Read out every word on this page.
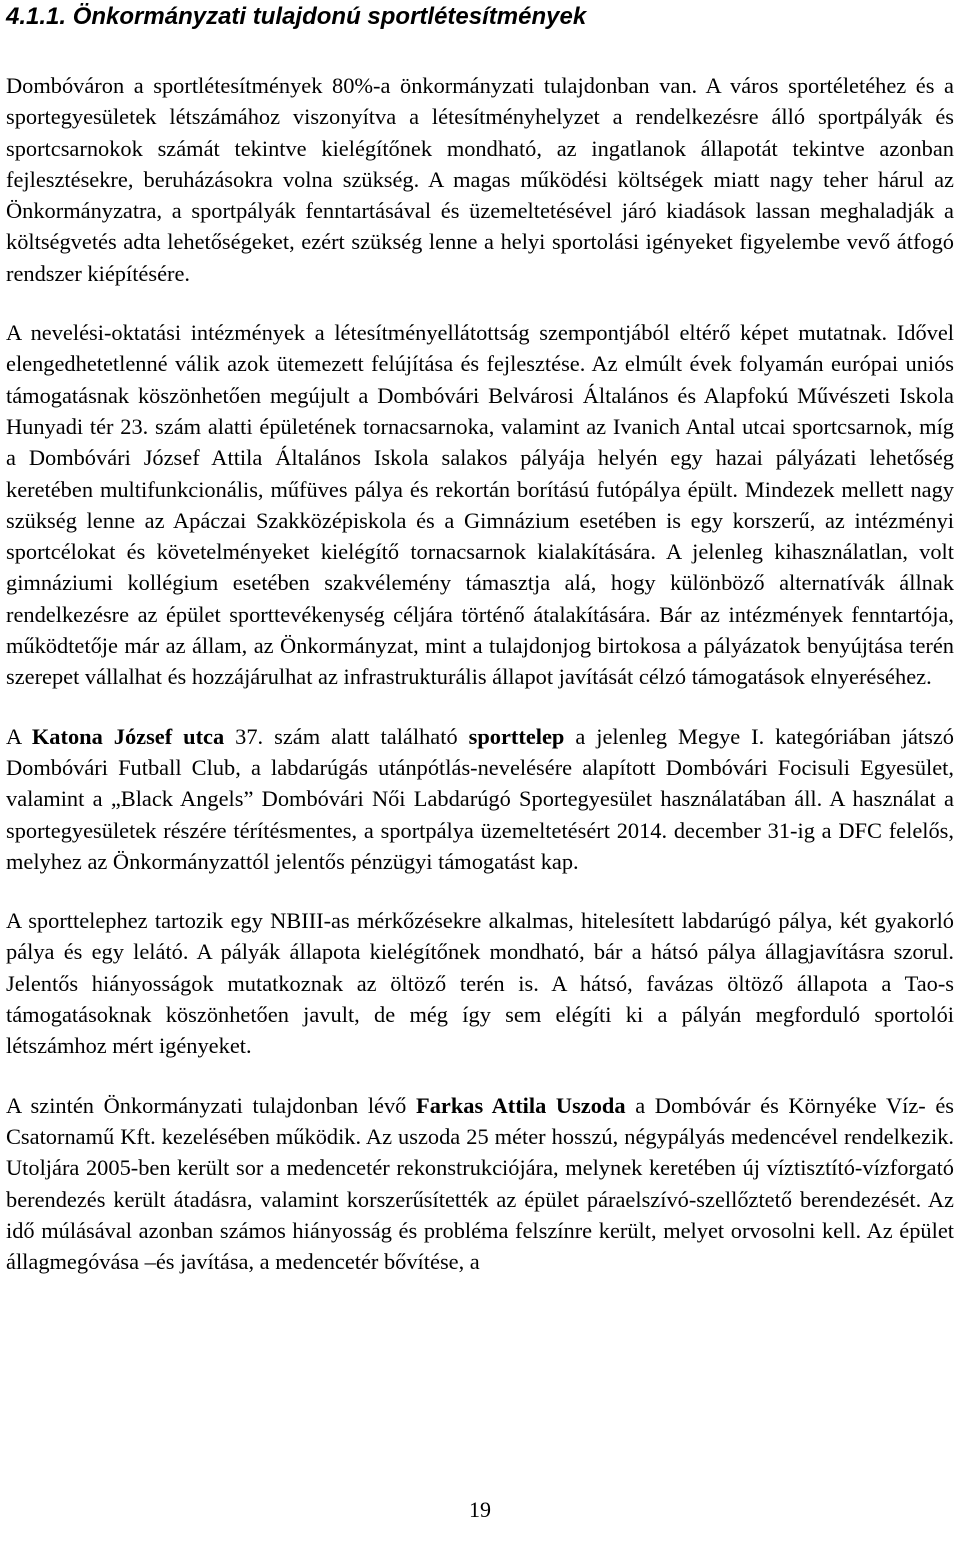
4.1.1. Önkormányzati tulajdonú sportlétesítmények

Dombóváron a sportlétesítmények 80%-a önkormányzati tulajdonban van. A város sportéletéhez és a sportegyesületek létszámához viszonyítva a létesítményhelyzet a rendelkezésre álló sportpályák és sportcsarnokok számát tekintve kielégítőnek mondható, az ingatlanok állapotát tekintve azonban fejlesztésekre, beruházásokra volna szükség. A magas működési költségek miatt nagy teher hárul az Önkormányzatra, a sportpályák fenntartásával és üzemeltetésével járó kiadások lassan meghaladják a költségvetés adta lehetőségeket, ezért szükség lenne a helyi sportolási igényeket figyelembe vevő átfogó rendszer kiépítésére.

A nevelési-oktatási intézmények a létesítményellátottság szempontjából eltérő képet mutatnak. Idővel elengedhetetlenné válik azok ütemezett felújítása és fejlesztése. Az elmúlt évek folyamán európai uniós támogatásnak köszönhetően megújult a Dombóvári Belvárosi Általános és Alapfokú Művészeti Iskola Hunyadi tér 23. szám alatti épületének tornacsarnoka, valamint az Ivanich Antal utcai sportcsarnok, míg a Dombóvári József Attila Általános Iskola salakos pályája helyén egy hazai pályázati lehetőség keretében multifunkcionális, műfüves pálya és rekortán borítású futópálya épült. Mindezek mellett nagy szükség lenne az Apáczai Szakközépiskola és a Gimnázium esetében is egy korszerű, az intézményi sportcélokat és követelményeket kielégítő tornacsarnok kialakítására. A jelenleg kihasználatlan, volt gimnáziumi kollégium esetében szakvélemény támasztja alá, hogy különböző alternatívák állnak rendelkezésre az épület sporttevékenység céljára történő átalakítására. Bár az intézmények fenntartója, működtetője már az állam, az Önkormányzat, mint a tulajdonjog birtokosa a pályázatok benyújtása terén szerepet vállalhat és hozzájárulhat az infrastrukturális állapot javítását célzó támogatások elnyeréséhez.

A Katona József utca 37. szám alatt található sporttelep a jelenleg Megye I. kategóriában játszó Dombóvári Futball Club, a labdarúgás utánpótlás-nevelésére alapított Dombóvári Focisuli Egyesület, valamint a „Black Angels” Dombóvári Női Labdarúgó Sportegyesület használatában áll. A használat a sportegyesületek részére térítésmentes, a sportpálya üzemeltetésért 2014. december 31-ig a DFC felelős, melyhez az Önkormányzattól jelentős pénzügyi támogatást kap.

A sporttelephez tartozik egy NBIII-as mérkőzésekre alkalmas, hitelesített labdarúgó pálya, két gyakorló pálya és egy lelátó. A pályák állapota kielégítőnek mondható, bár a hátsó pálya állagjavításra szorul. Jelentős hiányosságok mutatkoznak az öltöző terén is. A hátsó, favázas öltöző állapota a Tao-s támogatásoknak köszönhetően javult, de még így sem elégíti ki a pályán megforduló sportolói létszámhoz mért igényeket.

A szintén Önkormányzati tulajdonban lévő Farkas Attila Uszoda a Dombóvár és Környéke Víz- és Csatornamű Kft. kezelésében működik. Az uszoda 25 méter hosszú, négypályás medencével rendelkezik. Utoljára 2005-ben került sor a medencetér rekonstrukciójára, melynek keretében új víztisztító-vízforgató berendezés került átadásra, valamint korszerűsítették az épület páraelszívó-szellőztető berendezését. Az idő múlásával azonban számos hiányosság és probléma felszínre került, melyet orvosolni kell. Az épület állagmegóvása –és javítása, a medencetér bővítése, a

19
